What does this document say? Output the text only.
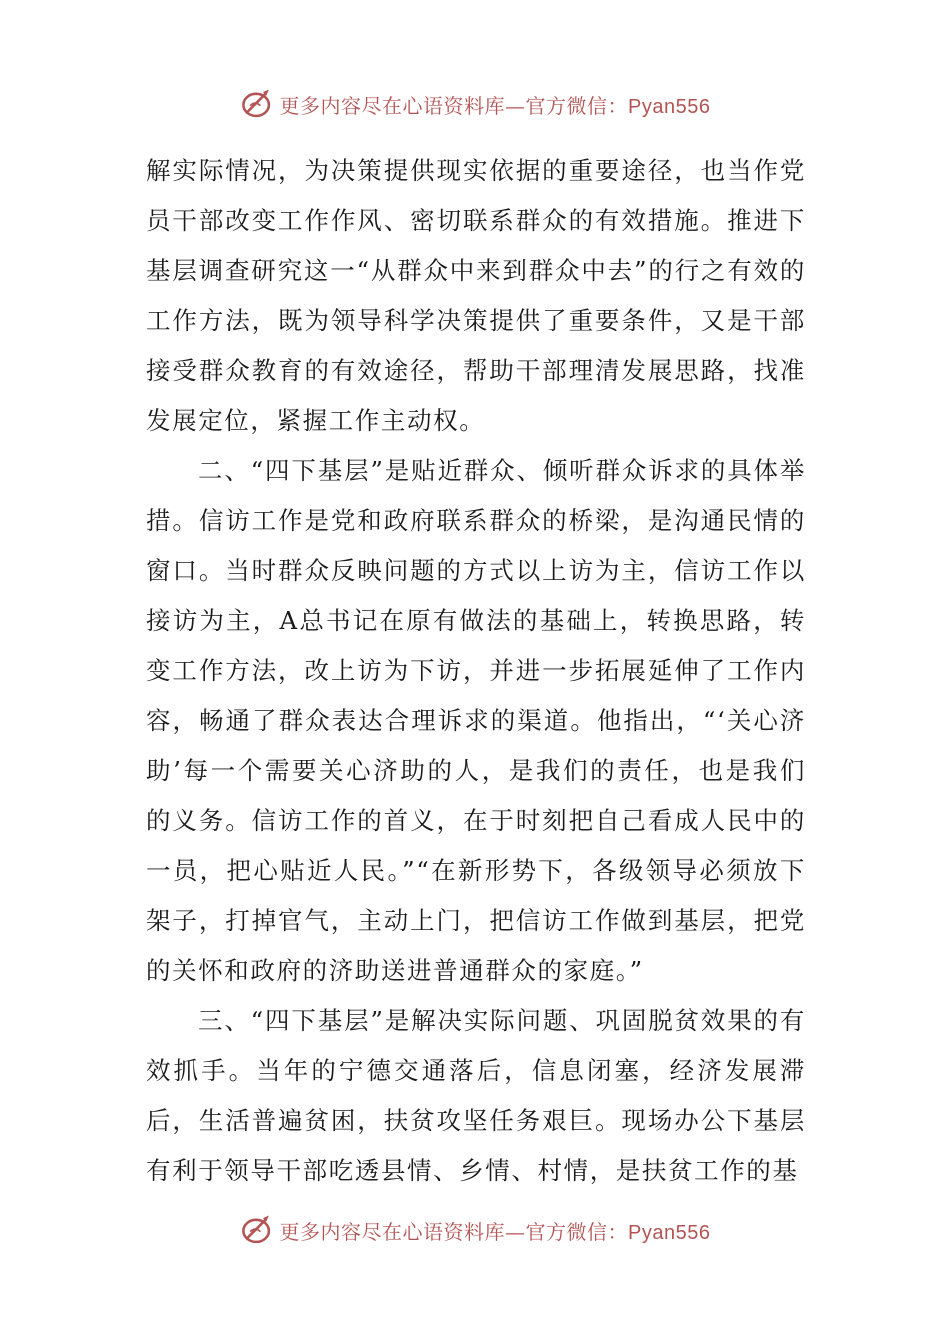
更多内容尽在心语资料库—官方微信：Pyan556

解实际情况，为决策提供现实依据的重要途径，也当作党员干部改变工作作风、密切联系群众的有效措施。推进下基层调查研究这一“从群众中来到群众中去”的行之有效的工作方法，既为领导科学决策提供了重要条件，又是干部接受群众教育的有效途径，帮助干部理清发展思路，找准发展定位，紧握工作主动权。

二、“四下基层”是贴近群众、倾听群众诉求的具体举措。信访工作是党和政府联系群众的桥梁，是沟通民情的窗口。当时群众反映问题的方式以上访为主，信访工作以接访为主，A总书记在原有做法的基础上，转换思路，转变工作方法，改上访为下访，并进一步拓展延伸了工作内容，畅通了群众表达合理诉求的渠道。他指出，“‘关心济助’每一个需要关心济助的人，是我们的责任，也是我们的义务。信访工作的首义，在于时刻把自己看成人民中的一员，把心贴近人民。”“在新形势下，各级领导必须放下架子，打掉官气，主动上门，把信访工作做到基层，把党的关怀和政府的济助送进普通群众的家庭。”

三、“四下基层”是解决实际问题、巩固脱贫效果的有效抓手。当年的宁德交通落后，信息闭塞，经济发展滞后，生活普遍贫困，扶贫攻坚任务艰巨。现场办公下基层有利于领导干部吃透县情、乡情、村情，是扶贫工作的基

更多内容尽在心语资料库—官方微信：Pyan556
